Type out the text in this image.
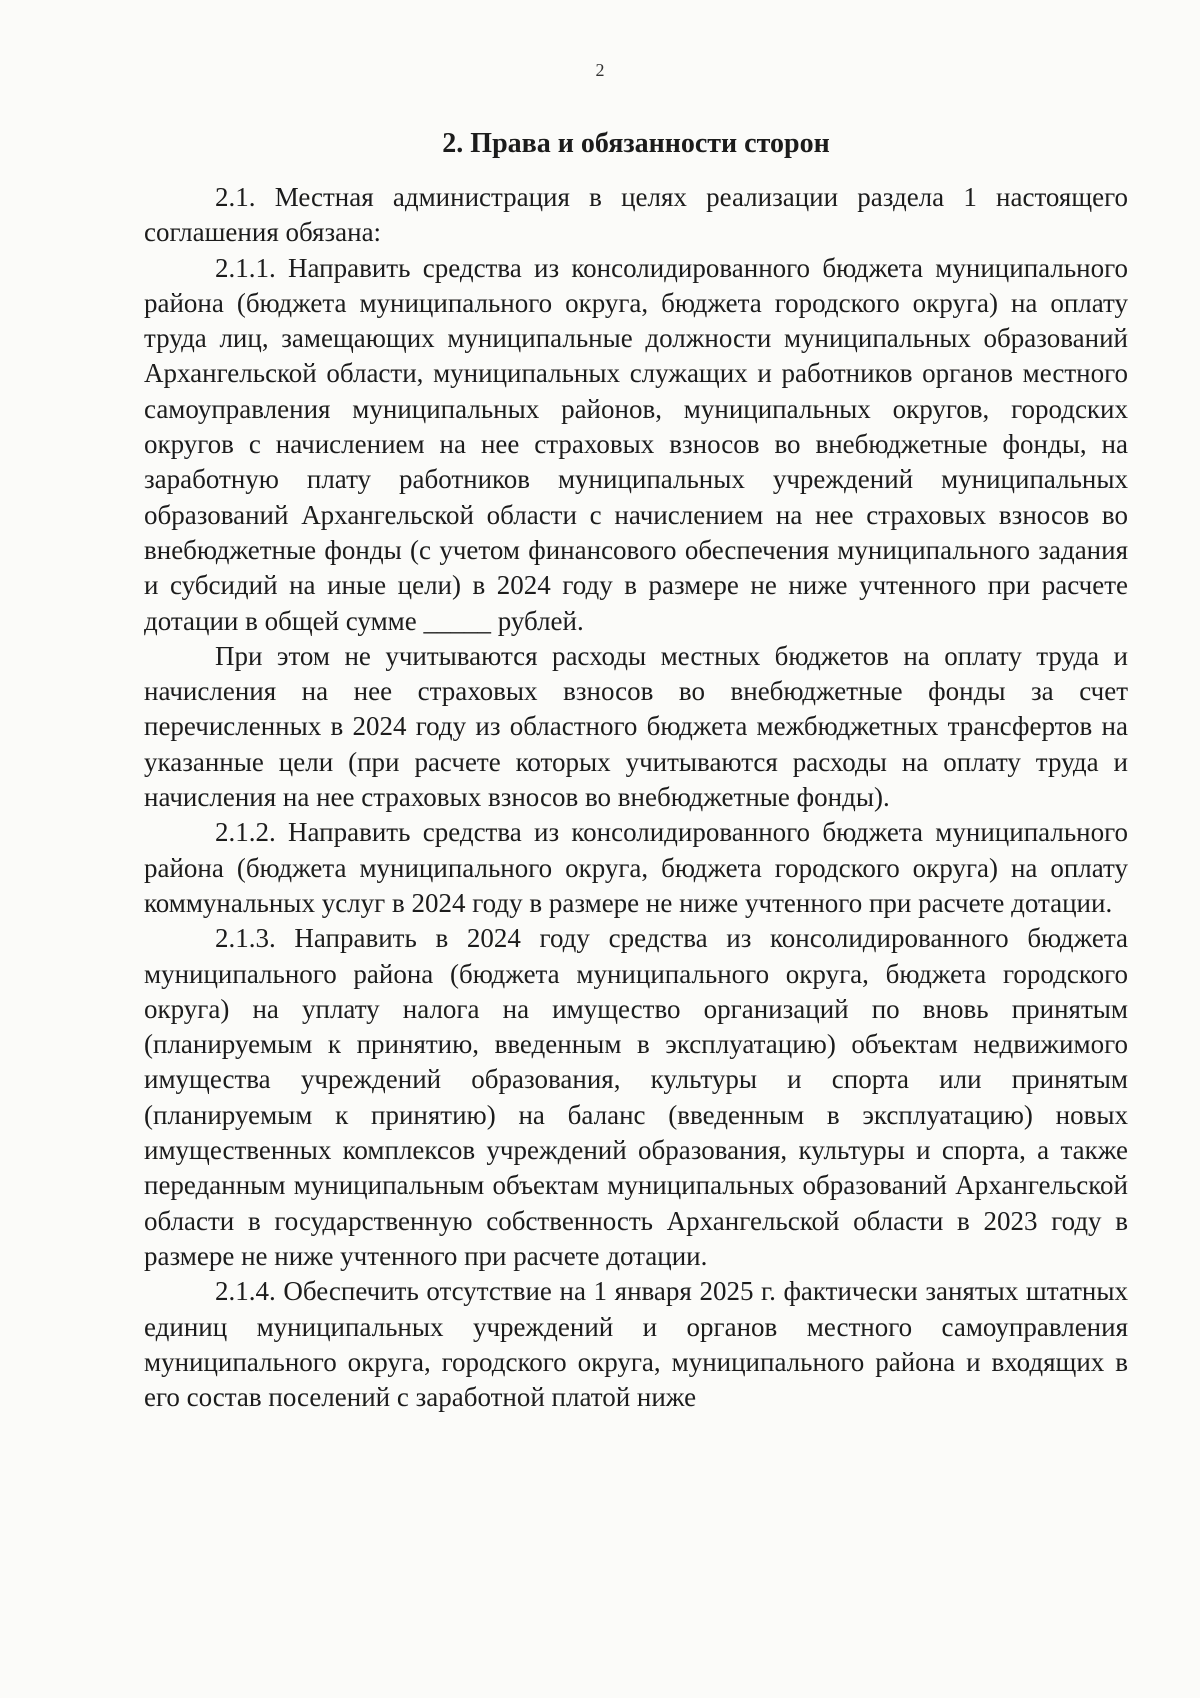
2
2. Права и обязанности сторон

2.1. Местная администрация в целях реализации раздела 1 настоящего соглашения обязана:

2.1.1. Направить средства из консолидированного бюджета муниципального района (бюджета муниципального округа, бюджета городского округа) на оплату труда лиц, замещающих муниципальные должности муниципальных образований Архангельской области, муниципальных служащих и работников органов местного самоуправления муниципальных районов, муниципальных округов, городских округов с начислением на нее страховых взносов во внебюджетные фонды, на заработную плату работников муниципальных учреждений муниципальных образований Архангельской области с начислением на нее страховых взносов во внебюджетные фонды (с учетом финансового обеспечения муниципального задания и субсидий на иные цели) в 2024 году в размере не ниже учтенного при расчете дотации в общей сумме _____ рублей.

При этом не учитываются расходы местных бюджетов на оплату труда и начисления на нее страховых взносов во внебюджетные фонды за счет перечисленных в 2024 году из областного бюджета межбюджетных трансфертов на указанные цели (при расчете которых учитываются расходы на оплату труда и начисления на нее страховых взносов во внебюджетные фонды).

2.1.2. Направить средства из консолидированного бюджета муниципального района (бюджета муниципального округа, бюджета городского округа) на оплату коммунальных услуг в 2024 году в размере не ниже учтенного при расчете дотации.

2.1.3. Направить в 2024 году средства из консолидированного бюджета муниципального района (бюджета муниципального округа, бюджета городского округа) на уплату налога на имущество организаций по вновь принятым (планируемым к принятию, введенным в эксплуатацию) объектам недвижимого имущества учреждений образования, культуры и спорта или принятым (планируемым к принятию) на баланс (введенным в эксплуатацию) новых имущественных комплексов учреждений образования, культуры и спорта, а также переданным муниципальным объектам муниципальных образований Архангельской области в государственную собственность Архангельской области в 2023 году в размере не ниже учтенного при расчете дотации.

2.1.4. Обеспечить отсутствие на 1 января 2025 г. фактически занятых штатных единиц муниципальных учреждений и органов местного самоуправления муниципального округа, городского округа, муниципального района и входящих в его состав поселений с заработной платой ниже
